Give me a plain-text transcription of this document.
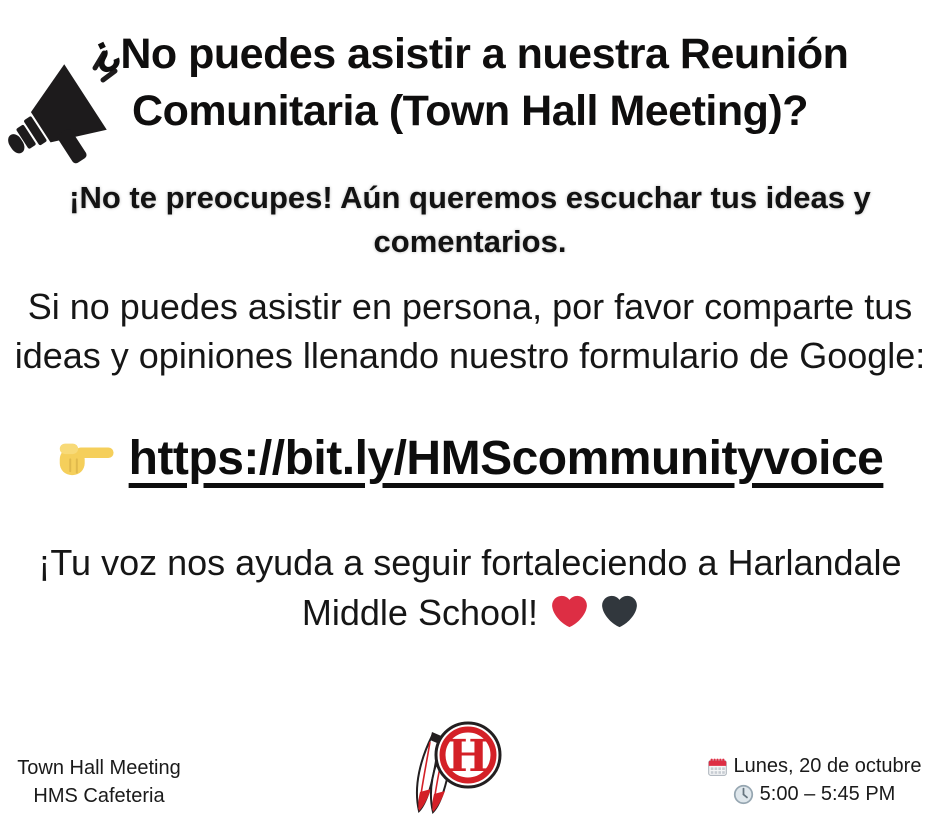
¿No puedes asistir a nuestra Reunión Comunitaria (Town Hall Meeting)?
¡No te preocupes! Aún queremos escuchar tus ideas y comentarios.

Si no puedes asistir en persona, por favor comparte tus ideas y opiniones llenando nuestro formulario de Google:

https://bit.ly/HMScommunityvoice

¡Tu voz nos ayuda a seguir fortaleciendo a Harlandale Middle School!

Town Hall Meeting
HMS Cafeteria
H	Lunes, 20 de octubre
5:00 – 5:45 PM
